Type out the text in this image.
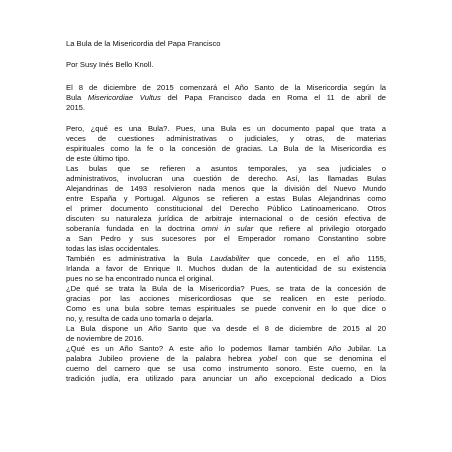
La Bula de la Misericordia del Papa Francisco
Por Susy Inés Bello Knoll.
El 8 de diciembre de 2015 comenzará el Año Santo de la Misericordia según la
Bula Misericordiae Vultus del Papa Francisco dada en Roma el 11 de abril de
2015.
Pero, ¿qué es una Bula?. Pues, una Bula es un documento papal que trata a
veces de cuestiones administrativas o judiciales, y otras, de materias
espirituales como la fe o la concesión de gracias. La Bula de la Misericordia es
de este último tipo.
Las bulas que se refieren a asuntos temporales, ya sea judiciales o
administrativos, involucran una cuestión de derecho. Así, las llamadas Bulas
Alejandrinas de 1493 resolvieron nada menos que la división del Nuevo Mundo
entre España y Portugal. Algunos se refieren a estas Bulas Alejandrinas como
el primer documento constitucional del Derecho Público Latinoamericano. Otros
discuten su naturaleza jurídica de arbitraje internacional o de cesión efectiva de
soberanía fundada en la doctrina omni in sular que refiere al privilegio otorgado
a San Pedro y sus sucesores por el Emperador romano Constantino sobre
todas las islas occidentales.
También es administrativa la Bula Laudabiliter que concede, en el año 1155,
Irlanda a favor de Enrique II. Muchos dudan de la autenticidad de su existencia
pues no se ha encontrado nunca el original.
¿De qué se trata la Bula de la Misericordia? Pues, se trata de la concesión de
gracias por las acciones misericordiosas que se realicen en este período.
Como es una bula sobre temas espirituales se puede convenir en lo que dice o
no, y, resulta de cada uno tomarla o dejarla.
La Bula dispone un Año Santo que va desde el 8 de diciembre de 2015 al 20
de noviembre de 2016.
¿Qué es un Año Santo? A este año lo podemos llamar también Año Jubilar. La
palabra Jubileo proviene de la palabra hebrea yobel con que se denomina el
cuerno del carnero que se usa como instrumento sonoro. Este cuerno, en la
tradición judía, era utilizado para anunciar un año excepcional dedicado a Dios
